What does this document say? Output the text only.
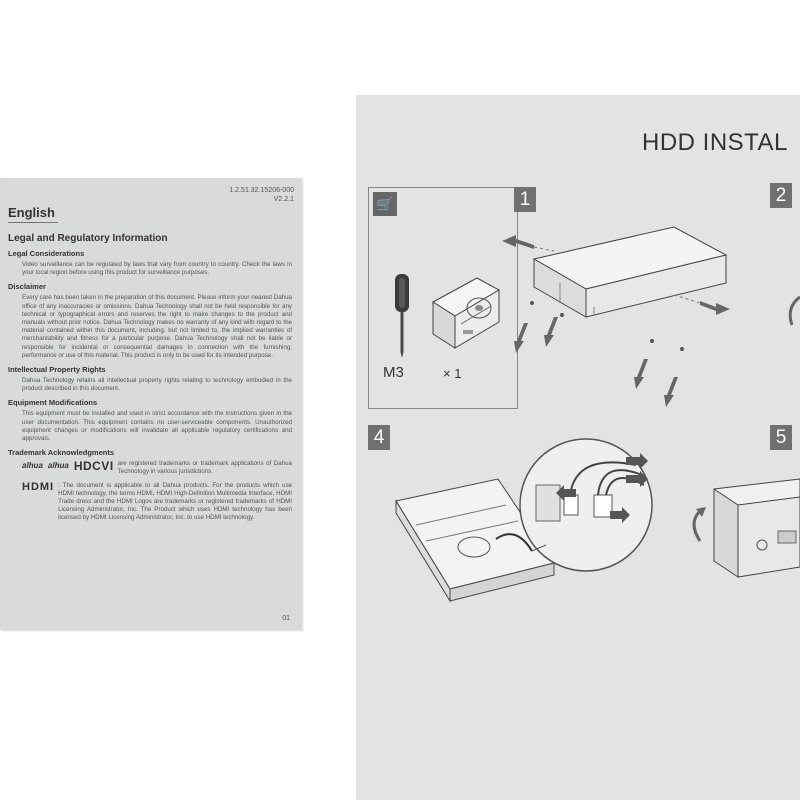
1.2.51.32.15206-000
V2.2.1
English
Legal and Regulatory Information
Legal Considerations
Video surveillance can be regulated by laws that vary from country to country. Check the laws in your local region before using this product for surveillance purposes.
Disclaimer
Every care has been taken in the preparation of this document. Please inform your nearest Dahua office of any inaccuracies or omissions. Dahua Technology shall not be held responsible for any technical or typographical errors and reserves the right to make changes to the product and manuals without prior notice. Dahua Technology makes no warranty of any kind with regard to the material contained within this document, including, but not limited to, the implied warranties of merchantability and fitness for a particular purpose. Dahua Technology shall not be liable or responsible for incidental or consequential damages in connection with the furnishing, performance or use of this material. This product is only to be used for its intended purpose.
Intellectual Property Rights
Dahua Technology retains all intellectual property rights relating to technology embodied in the product described in this document.
Equipment Modifications
This equipment must be installed and used in strict accordance with the instructions given in the user documentation. This equipment contains no user-serviceable components. Unauthorized equipment changes or modifications will invalidate all applicable regulatory certifications and approvals.
Trademark Acknowledgments
alhua alhua HDCVI are registered trademarks or trademark applications of Dahua Technology in various jurisdictions.
HDMI : The document is applicable to all Dahua products. For the products which use HDMI technology, the terms HDMI, HDMI High-Definition Multimedia Interface, HDMI Trade dress and the HDMI Logos are trademarks or registered trademarks of HDMI Licensing Administrator, Inc. The Product which uses HDMI technology has been licensed by HDMI Licensing Administrator, Inc. to use HDMI technology.
01
HDD INSTAL
🛒
M3	× 1
1	2
4	5
